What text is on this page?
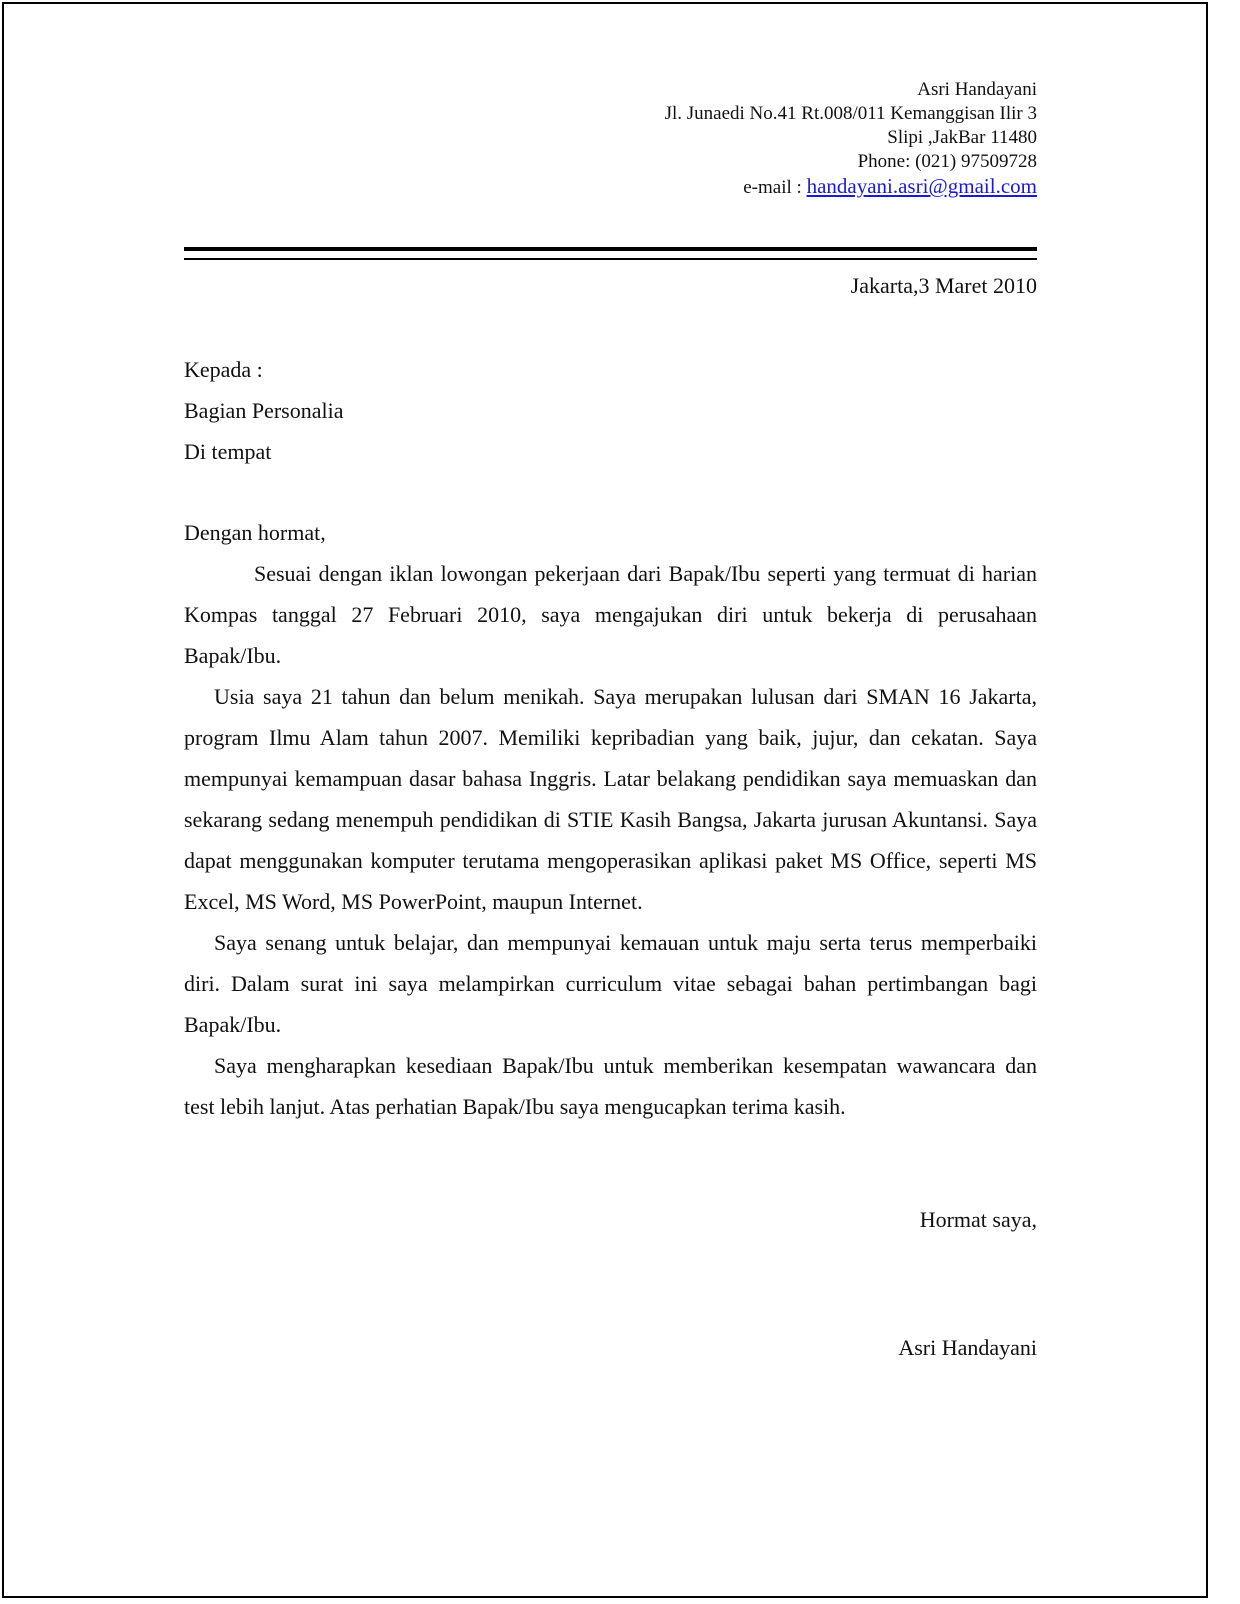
Asri Handayani
Jl. Junaedi No.41 Rt.008/011 Kemanggisan Ilir 3
Slipi ,JakBar 11480
Phone: (021) 97509728
e-mail : handayani.asri@gmail.com
Jakarta,3 Maret 2010
Kepada :
Bagian Personalia
Di tempat
Dengan hormat,

Sesuai dengan iklan lowongan pekerjaan dari Bapak/Ibu seperti yang termuat di harian Kompas tanggal 27 Februari 2010, saya mengajukan diri untuk bekerja di perusahaan Bapak/Ibu.

Usia saya 21 tahun dan belum menikah. Saya merupakan lulusan dari SMAN 16 Jakarta, program Ilmu Alam tahun 2007. Memiliki kepribadian yang baik, jujur, dan cekatan. Saya mempunyai kemampuan dasar bahasa Inggris. Latar belakang pendidikan saya memuaskan dan sekarang sedang menempuh pendidikan di STIE Kasih Bangsa, Jakarta jurusan Akuntansi. Saya dapat menggunakan komputer terutama mengoperasikan aplikasi paket MS Office, seperti MS Excel, MS Word, MS PowerPoint, maupun Internet.

Saya senang untuk belajar, dan mempunyai kemauan untuk maju serta terus memperbaiki diri. Dalam surat ini saya melampirkan curriculum vitae sebagai bahan pertimbangan bagi Bapak/Ibu.

Saya mengharapkan kesediaan Bapak/Ibu untuk memberikan kesempatan wawancara dan test lebih lanjut. Atas perhatian Bapak/Ibu saya mengucapkan terima kasih.

Hormat saya,
Asri Handayani
